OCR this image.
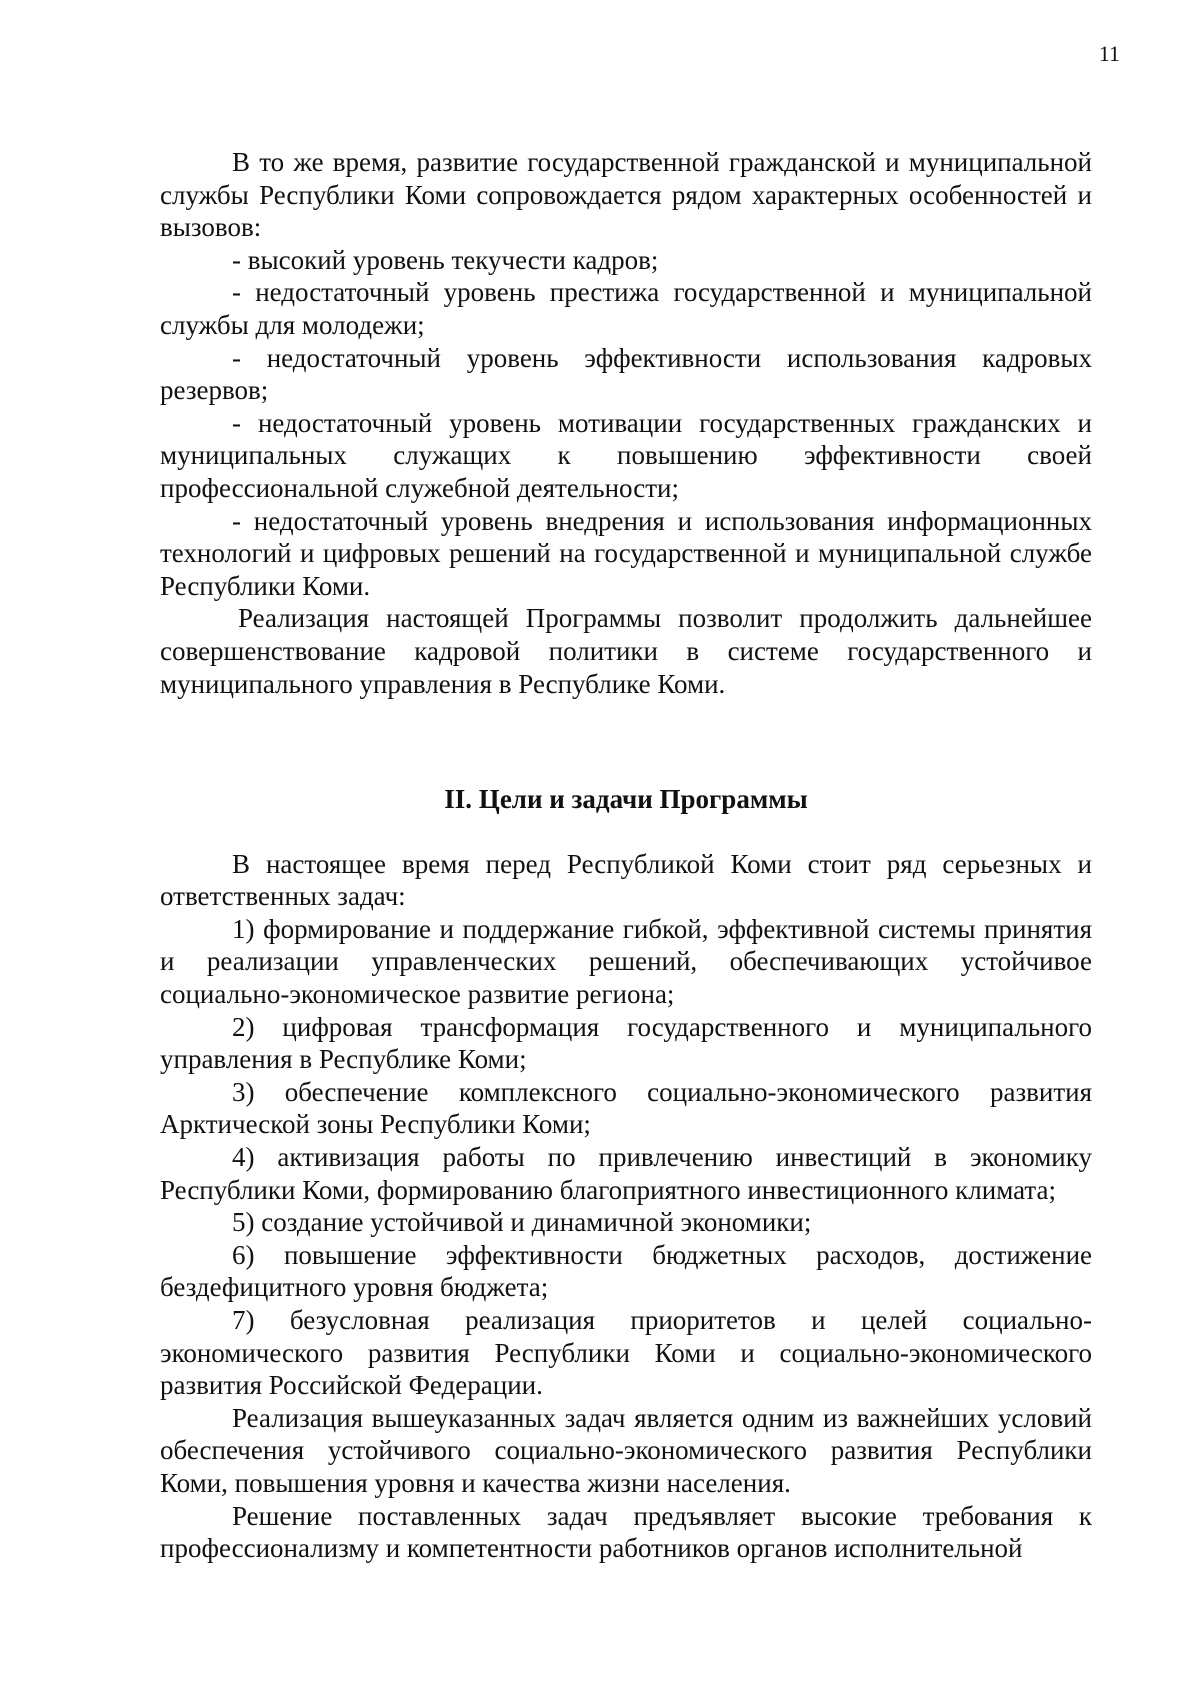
11

В то же время, развитие государственной гражданской и муниципальной службы Республики Коми сопровождается рядом характерных особенностей и вызовов:

- высокий уровень текучести кадров;

- недостаточный уровень престижа государственной и муниципальной службы для молодежи;

- недостаточный уровень эффективности использования кадровых резервов;

- недостаточный уровень мотивации государственных гражданских и муниципальных служащих к повышению эффективности своей профессиональной служебной деятельности;

- недостаточный уровень внедрения и использования информационных технологий и цифровых решений на государственной и муниципальной службе Республики Коми.

Реализация настоящей Программы позволит продолжить дальнейшее совершенствование кадровой политики в системе государственного и муниципального управления в Республике Коми.

II. Цели и задачи Программы

В настоящее время перед Республикой Коми стоит ряд серьезных и ответственных задач:

1) формирование и поддержание гибкой, эффективной системы принятия и реализации управленческих решений, обеспечивающих устойчивое социально-экономическое развитие региона;

2) цифровая трансформация государственного и муниципального управления в Республике Коми;

3) обеспечение комплексного социально-экономического развития Арктической зоны Республики Коми;

4) активизация работы по привлечению инвестиций в экономику Республики Коми, формированию благоприятного инвестиционного климата;

5) создание устойчивой и динамичной экономики;

6) повышение эффективности бюджетных расходов, достижение бездефицитного уровня бюджета;

7) безусловная реализация приоритетов и целей социально-экономического развития Республики Коми и социально-экономического развития Российской Федерации.

Реализация вышеуказанных задач является одним из важнейших условий обеспечения устойчивого социально-экономического развития Республики Коми, повышения уровня и качества жизни населения.

Решение поставленных задач предъявляет высокие требования к профессионализму и компетентности работников органов исполнительной
